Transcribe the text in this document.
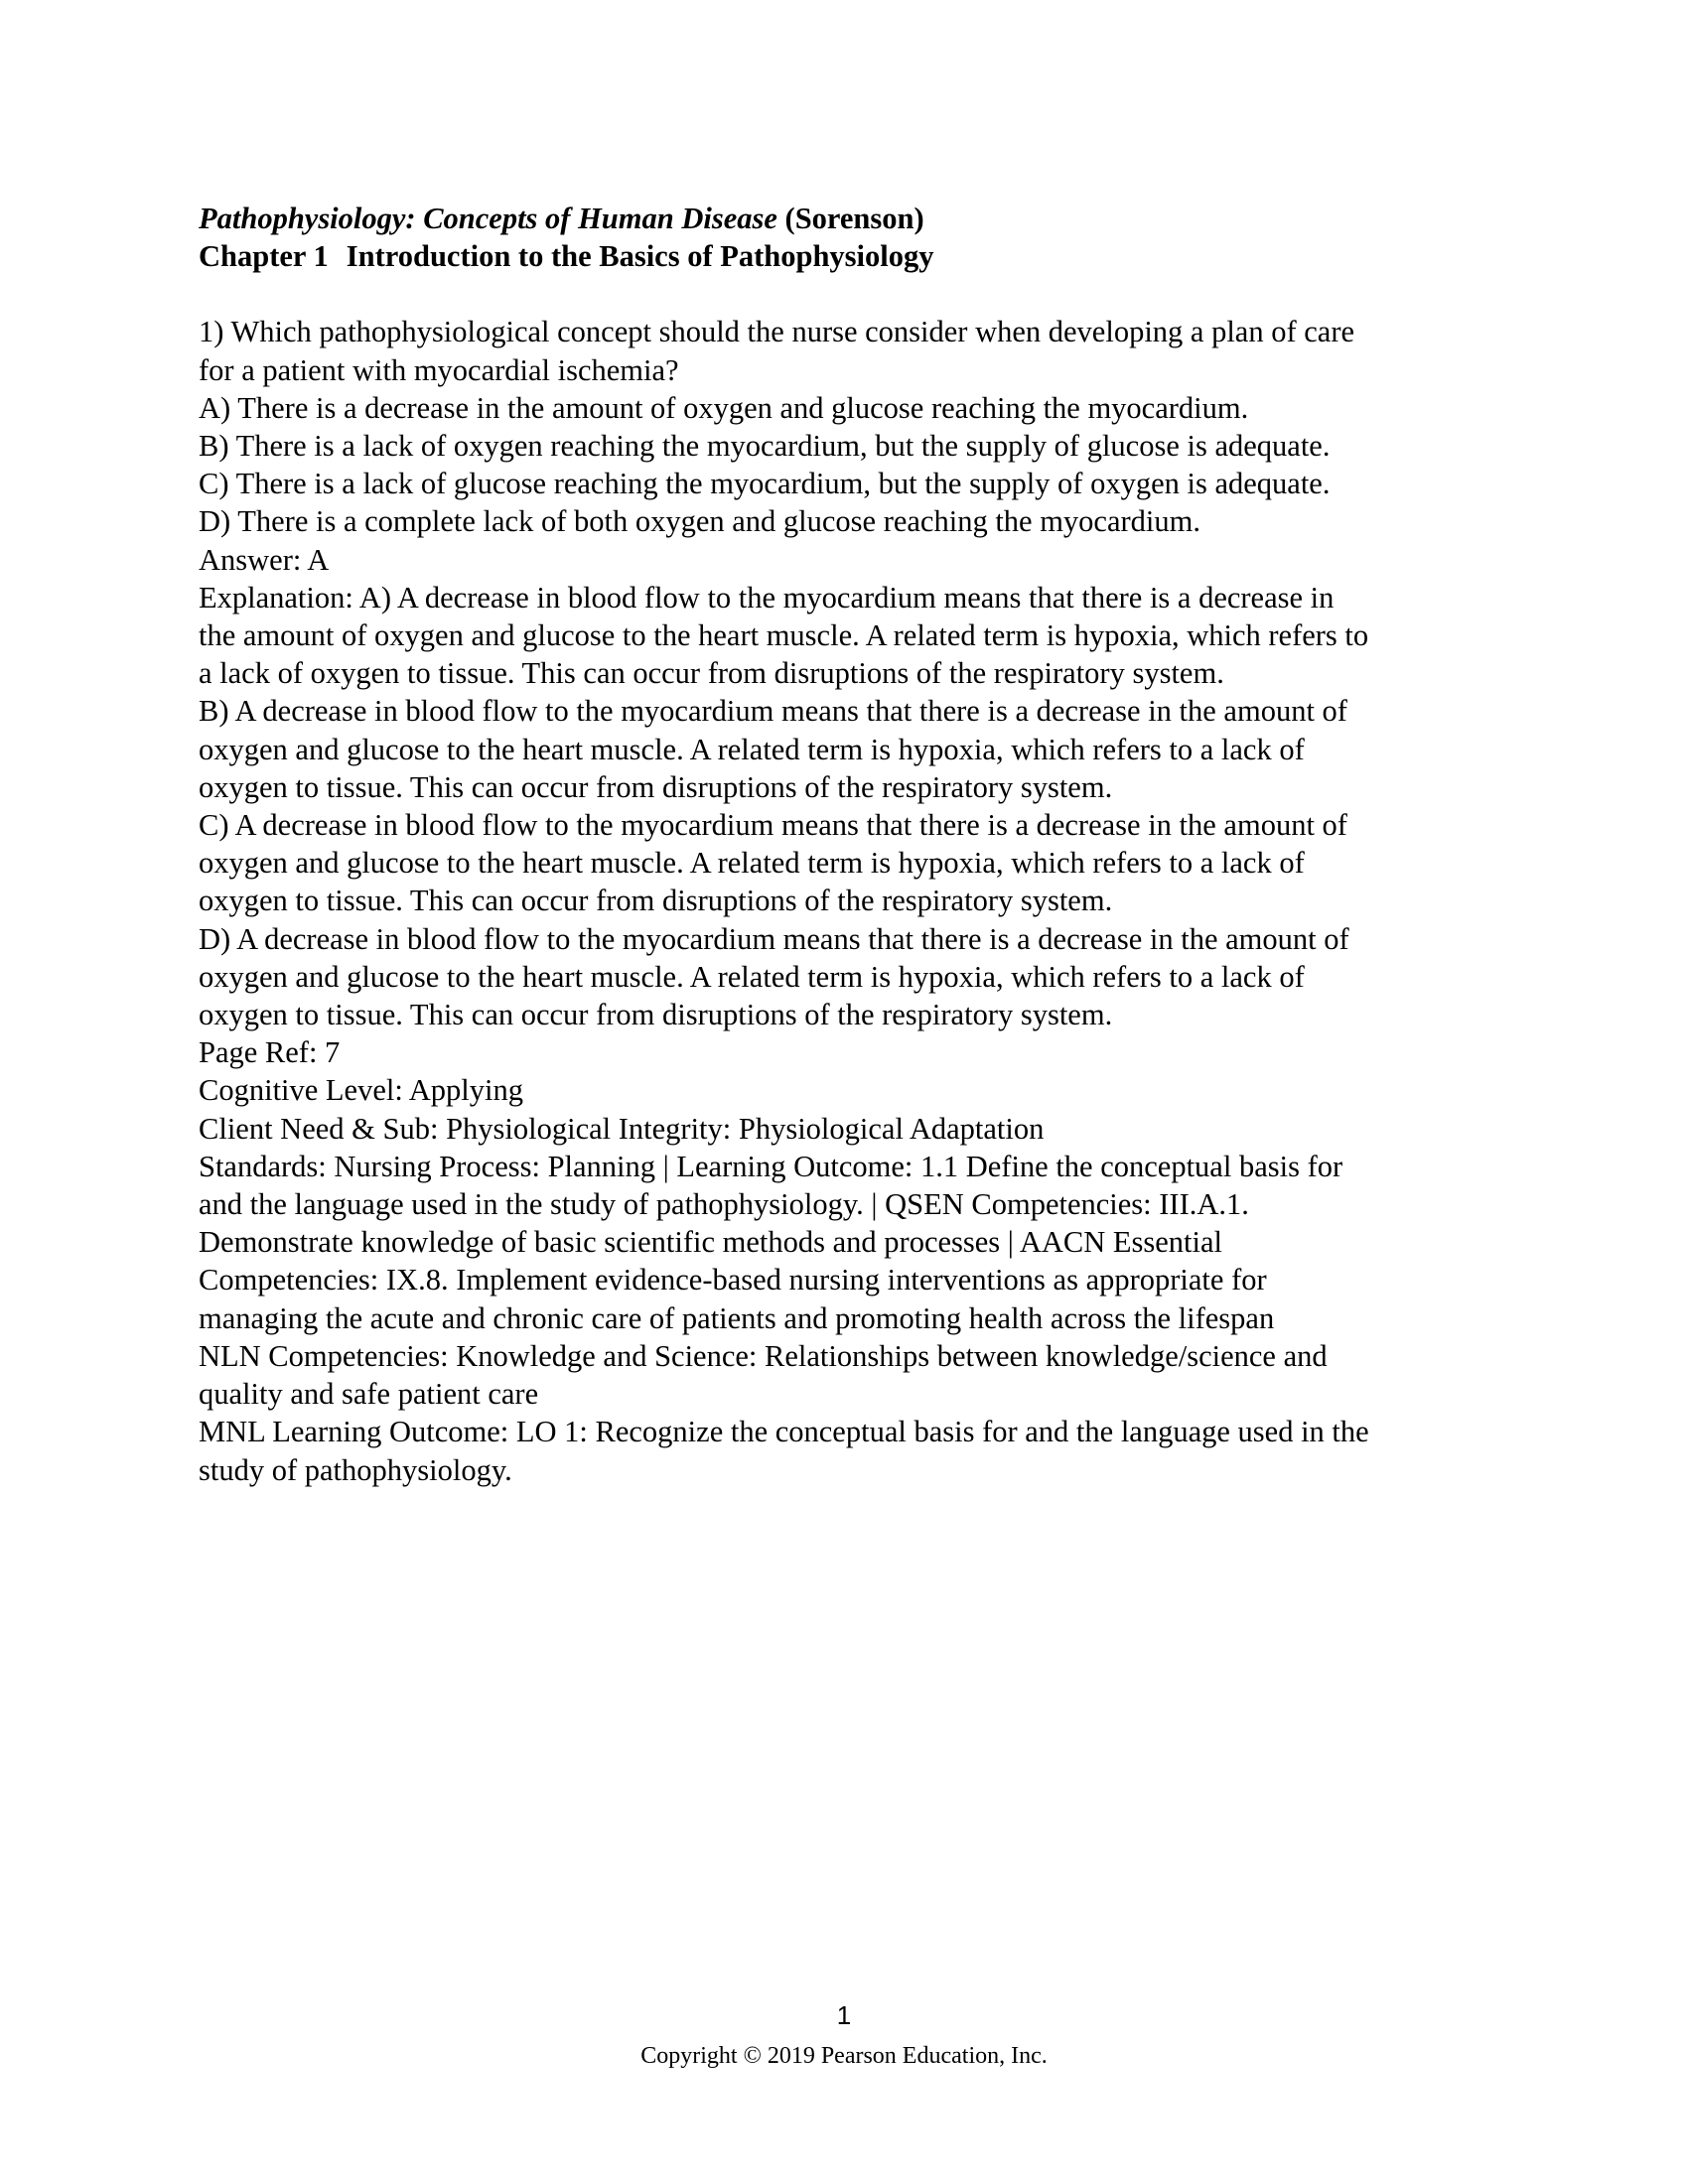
Pathophysiology: Concepts of Human Disease (Sorenson)
Chapter 1 Introduction to the Basics of Pathophysiology
1) Which pathophysiological concept should the nurse consider when developing a plan of care
for a patient with myocardial ischemia?
A) There is a decrease in the amount of oxygen and glucose reaching the myocardium.
B) There is a lack of oxygen reaching the myocardium, but the supply of glucose is adequate.
C) There is a lack of glucose reaching the myocardium, but the supply of oxygen is adequate.
D) There is a complete lack of both oxygen and glucose reaching the myocardium.
Answer: A
Explanation: A) A decrease in blood flow to the myocardium means that there is a decrease in
the amount of oxygen and glucose to the heart muscle. A related term is hypoxia, which refers to
a lack of oxygen to tissue. This can occur from disruptions of the respiratory system.
B) A decrease in blood flow to the myocardium means that there is a decrease in the amount of
oxygen and glucose to the heart muscle. A related term is hypoxia, which refers to a lack of
oxygen to tissue. This can occur from disruptions of the respiratory system.
C) A decrease in blood flow to the myocardium means that there is a decrease in the amount of
oxygen and glucose to the heart muscle. A related term is hypoxia, which refers to a lack of
oxygen to tissue. This can occur from disruptions of the respiratory system.
D) A decrease in blood flow to the myocardium means that there is a decrease in the amount of
oxygen and glucose to the heart muscle. A related term is hypoxia, which refers to a lack of
oxygen to tissue. This can occur from disruptions of the respiratory system.
Page Ref: 7
Cognitive Level: Applying
Client Need & Sub: Physiological Integrity: Physiological Adaptation
Standards: Nursing Process: Planning | Learning Outcome: 1.1 Define the conceptual basis for
and the language used in the study of pathophysiology. | QSEN Competencies: III.A.1.
Demonstrate knowledge of basic scientific methods and processes | AACN Essential
Competencies: IX.8. Implement evidence-based nursing interventions as appropriate for
managing the acute and chronic care of patients and promoting health across the lifespan
NLN Competencies: Knowledge and Science: Relationships between knowledge/science and
quality and safe patient care
MNL Learning Outcome: LO 1: Recognize the conceptual basis for and the language used in the
study of pathophysiology.
1
Copyright © 2019 Pearson Education, Inc.
